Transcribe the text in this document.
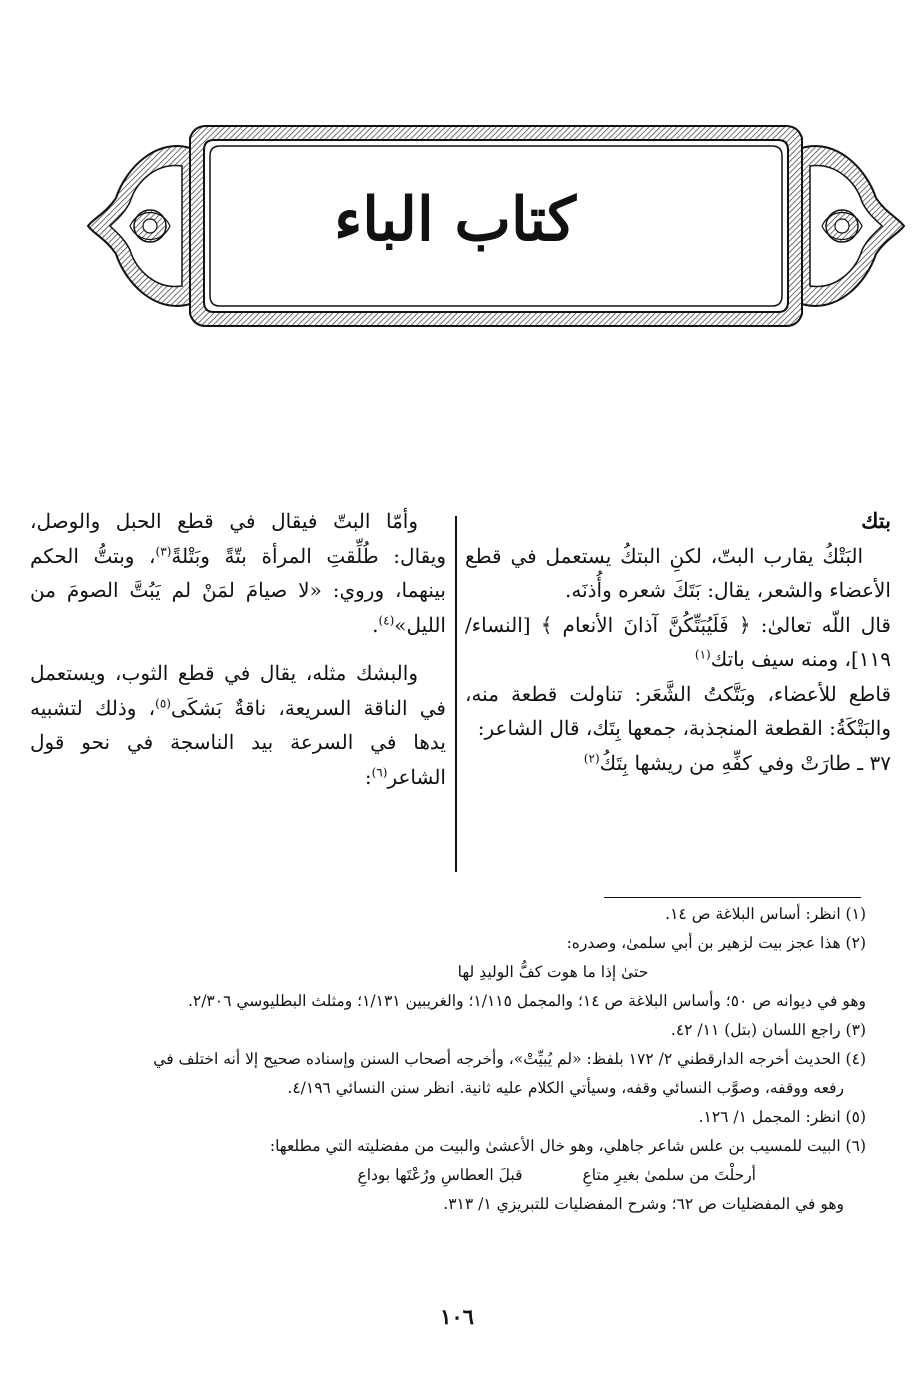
كتاب الباء
بتك

البَتْكُ يقارب البتّ، لكنِ البتكُ يستعمل في قطع الأعضاء والشعر، يقال: بَتَكَ شعره وأُذنَه.

قال اللّه تعالىٰ: ﴿ فَلَيُبَتِّكُنَّ آذانَ الأنعام ﴾ [النساء/ ١١٩]، ومنه سيف باتك$^{(١)}$

قاطع للأعضاء، وبَتَّكتُ الشَّعَر: تناولت قطعة منه، والبَتْكَةُ: القطعة المنجذبة، جمعها بِتَك، قال الشاعر:

٣٧ ـ طارَتْ وفي كفِّهِ من ريشها بِتَكُ$^{(٢)}$

وأمّا البتّ فيقال في قطع الحبل والوصل، ويقال: طُلِّقتِ المرأة بتّةً وبَتْلةً$^{(٣)}$، وبتتُّ الحكم بينهما، وروي: «لا صيامَ لمَنْ لم يَبُتَّ الصومَ من الليل»$^{(٤)}$.

والبشك مثله، يقال في قطع الثوب، ويستعمل في الناقة السريعة، ناقةٌ بَشكَى$^{(٥)}$، وذلك لتشبيه يدها في السرعة بيد الناسجة في نحو قول الشاعر$^{(٦)}$:

(١) انظر: أساس البلاغة ص ١٤.
(٢) هذا عجز بيت لزهير بن أبي سلمىٰ، وصدره:
حتىٰ إذا ما هوت كفُّ الوليدِ لها
وهو في ديوانه ص ٥٠؛ وأساس البلاغة ص ١٤؛ والمجمل ١/١١٥؛ والغريبين ١/١٣١؛ ومثلث البطليوسي ٢/٣٠٦.
(٣) راجع اللسان (بتل) ١١/ ٤٢.
(٤) الحديث أخرجه الدارقطني ٢/ ١٧٢ بلفظ: «لم يُبيِّتْ»، وأخرجه أصحاب السنن وإسناده صحيح إلا أنه اختلف في
رفعه ووقفه، وصوَّب النسائي وقفه، وسيأتي الكلام عليه ثانية. انظر سنن النسائي ٤/١٩٦.
(٥) انظر: المجمل ١/ ١٢٦.
(٦) البيت للمسيب بن علس شاعر جاهلي، وهو خال الأعشىٰ والبيت من مفضليته التي مطلعها:
أرحلْتَ من سلمىٰ بغيرِ متاعِ
قبلَ العطاسِ ورُعْتَها بوداعِ
وهو في المفضليات ص ٦٢؛ وشرح المفضليات للتبريزي ١/ ٣١٣.
١٠٦
